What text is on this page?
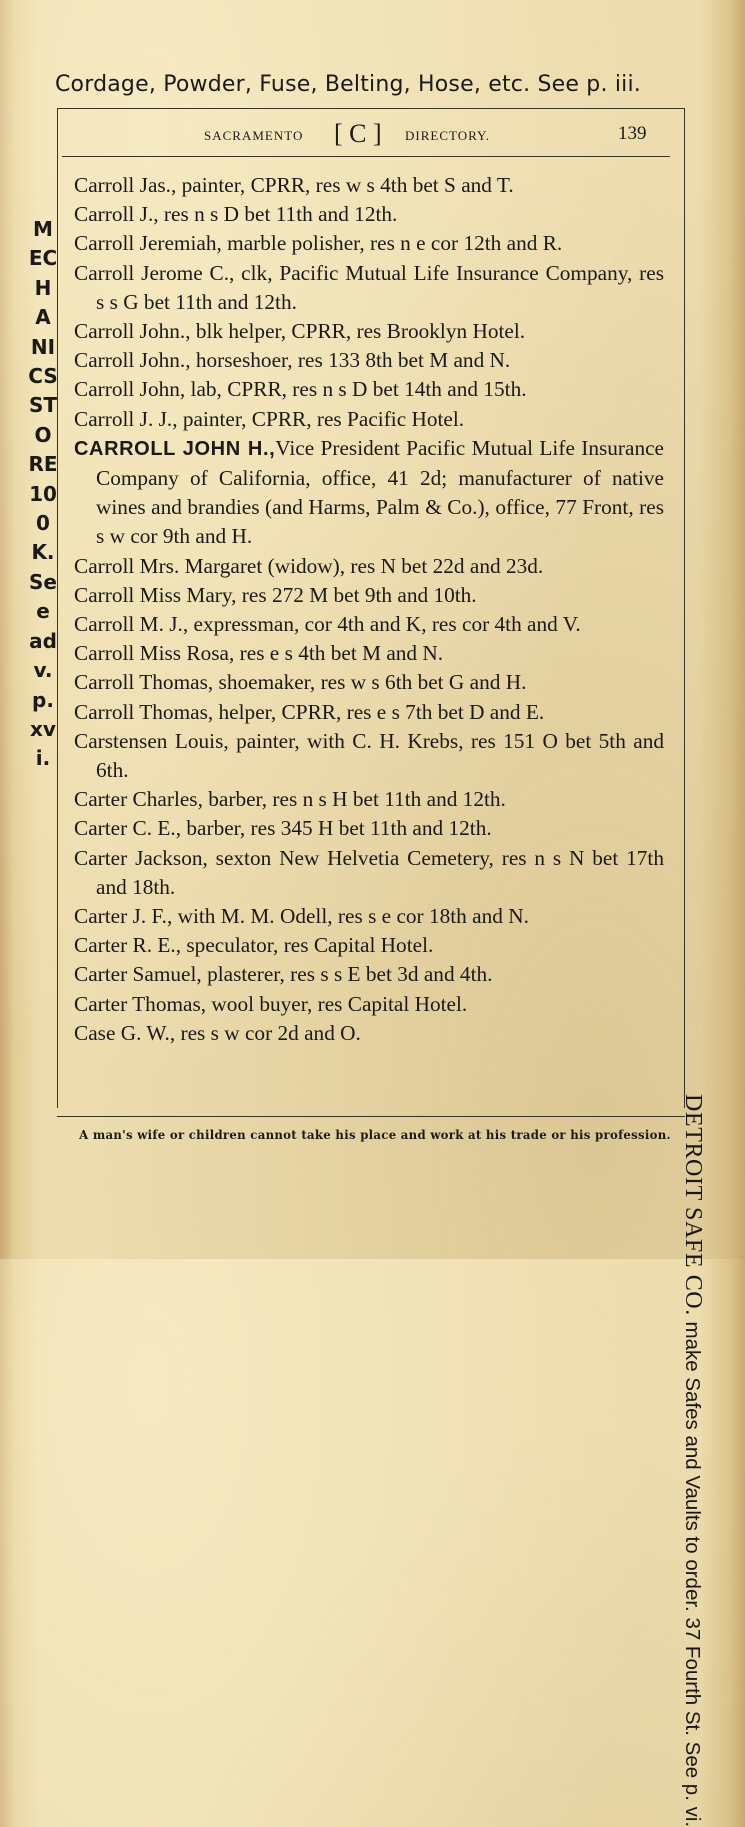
Cordage, Powder, Fuse, Belting, Hose, etc. See p. iii.
SACRAMENTO [ C ] DIRECTORY.	139
Carroll Jas., painter, CPRR, res w s 4th bet S and T.
Carroll J., res n s D bet 11th and 12th.
Carroll Jeremiah, marble polisher, res n e cor 12th and R.
Carroll Jerome C., clk, Pacific Mutual Life Insurance Company, res s s G bet 11th and 12th.
Carroll John., blk helper, CPRR, res Brooklyn Hotel.
Carroll John., horseshoer, res 133 8th bet M and N.
Carroll John, lab, CPRR, res n s D bet 14th and 15th.
Carroll J. J., painter, CPRR, res Pacific Hotel.
CARROLL JOHN H.,Vice President Pacific Mutual Life Insurance Company of California, office, 41 2d; manufacturer of native wines and brandies (and Harms, Palm & Co.), office, 77 Front, res s w cor 9th and H.
Carroll Mrs. Margaret (widow), res N bet 22d and 23d.
Carroll Miss Mary, res 272 M bet 9th and 10th.
Carroll M. J., expressman, cor 4th and K, res cor 4th and V.
Carroll Miss Rosa, res e s 4th bet M and N.
Carroll Thomas, shoemaker, res w s 6th bet G and H.
Carroll Thomas, helper, CPRR, res e s 7th bet D and E.
Carstensen Louis, painter, with C. H. Krebs, res 151 O bet 5th and 6th.
Carter Charles, barber, res n s H bet 11th and 12th.
Carter C. E., barber, res 345 H bet 11th and 12th.
Carter Jackson, sexton New Helvetia Cemetery, res n s N bet 17th and 18th.
Carter J. F., with M. M. Odell, res s e cor 18th and N.
Carter R. E., speculator, res Capital Hotel.
Carter Samuel, plasterer, res s s E bet 3d and 4th.
Carter Thomas, wool buyer, res Capital Hotel.
Case G. W., res s w cor 2d and O.
MECHANICS STORE 100 K. See adv. p. xvi.
DETROIT SAFE CO. make Safes and Vaults to order. 37 Fourth St. See p. vi.
A man's wife or children cannot take his place and work at his trade or his profession.
